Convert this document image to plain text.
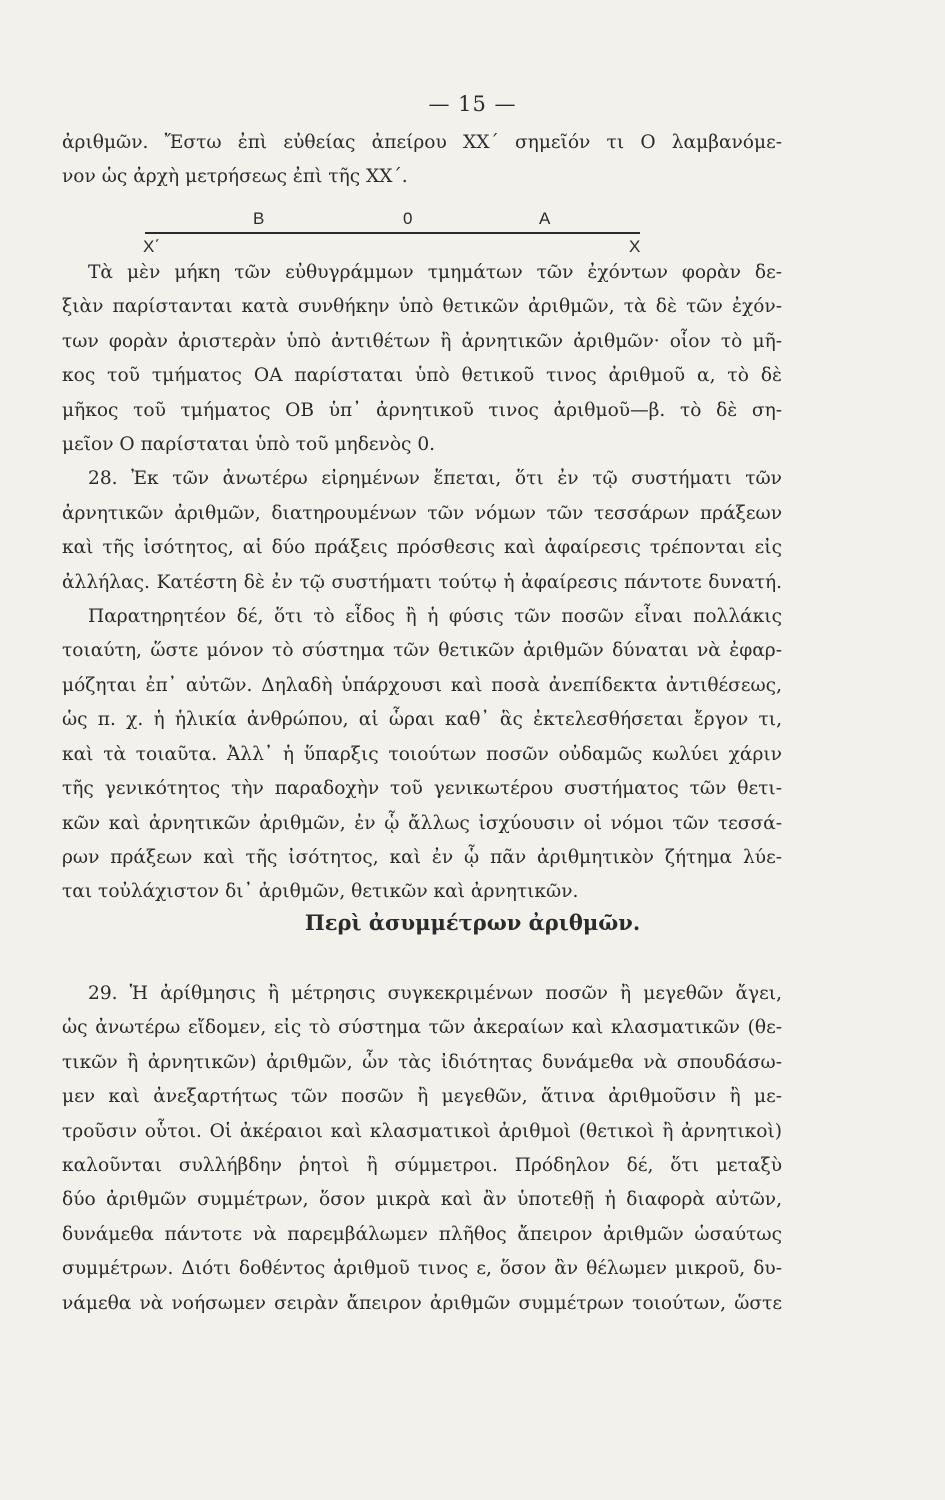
— 15 —
ἀριθμῶν. Ἔστω ἐπὶ εὐθείας ἀπείρου XX΄ σημεῖόν τι Ο λαμβανόμε-
νον ὡς ἀρχὴ μετρήσεως ἐπὶ τῆς XX΄.
B	0	A
X΄	X
Τὰ μὲν μήκη τῶν εὐθυγράμμων τμημάτων τῶν ἐχόντων φορὰν δε-
ξιὰν παρίστανται κατὰ συνθήκην ὑπὸ θετικῶν ἀριθμῶν, τὰ δὲ τῶν ἐχόν-
των φορὰν ἀριστερὰν ὑπὸ ἀντιθέτων ἢ ἀρνητικῶν ἀριθμῶν· οἷον τὸ μῆ-
κος τοῦ τμήματος ΟΑ παρίσταται ὑπὸ θετικοῦ τινος ἀριθμοῦ α, τὸ δὲ
μῆκος τοῦ τμήματος ΟΒ ὑπ᾽ ἀρνητικοῦ τινος ἀριθμοῦ—β. τὸ δὲ ση-
μεῖον Ο παρίσταται ὑπὸ τοῦ μηδενὸς 0.
28. Ἐκ τῶν ἀνωτέρω εἰρημένων ἕπεται, ὅτι ἐν τῷ συστήματι τῶν
ἀρνητικῶν ἀριθμῶν, διατηρουμένων τῶν νόμων τῶν τεσσάρων πράξεων
καὶ τῆς ἰσότητος, αἱ δύο πράξεις πρόσθεσις καὶ ἀφαίρεσις τρέπονται εἰς
ἀλλήλας. Κατέστη δὲ ἐν τῷ συστήματι τούτῳ ἡ ἀφαίρεσις πάντοτε δυνατή.
Παρατηρητέον δέ, ὅτι τὸ εἶδος ἢ ἡ φύσις τῶν ποσῶν εἶναι πολλάκις
τοιαύτη, ὥστε μόνον τὸ σύστημα τῶν θετικῶν ἀριθμῶν δύναται νὰ ἐφαρ-
μόζηται ἐπ᾽ αὐτῶν. Δηλαδὴ ὑπάρχουσι καὶ ποσὰ ἀνεπίδεκτα ἀντιθέσεως,
ὡς π. χ. ἡ ἡλικία ἀνθρώπου, αἱ ὧραι καθ᾽ ἃς ἐκτελεσθήσεται ἔργον τι,
καὶ τὰ τοιαῦτα. Ἀλλ᾽ ἡ ὕπαρξις τοιούτων ποσῶν οὐδαμῶς κωλύει χάριν
τῆς γενικότητος τὴν παραδοχὴν τοῦ γενικωτέρου συστήματος τῶν θετι-
κῶν καὶ ἀρνητικῶν ἀριθμῶν, ἐν ᾧ ἄλλως ἰσχύουσιν οἱ νόμοι τῶν τεσσά-
ρων πράξεων καὶ τῆς ἰσότητος, καὶ ἐν ᾧ πᾶν ἀριθμητικὸν ζήτημα λύε-
ται τοὐλάχιστον δι᾽ ἀριθμῶν, θετικῶν καὶ ἀρνητικῶν.
Περὶ ἀσυμμέτρων ἀριθμῶν.
29. Ἡ ἀρίθμησις ἢ μέτρησις συγκεκριμένων ποσῶν ἢ μεγεθῶν ἄγει,
ὡς ἀνωτέρω εἴδομεν, εἰς τὸ σύστημα τῶν ἀκεραίων καὶ κλασματικῶν (θε-
τικῶν ἢ ἀρνητικῶν) ἀριθμῶν, ὧν τὰς ἰδιότητας δυνάμεθα νὰ σπουδάσω-
μεν καὶ ἀνεξαρτήτως τῶν ποσῶν ἢ μεγεθῶν, ἅτινα ἀριθμοῦσιν ἢ με-
τροῦσιν οὗτοι. Οἱ ἀκέραιοι καὶ κλασματικοὶ ἀριθμοὶ (θετικοὶ ἢ ἀρνητικοὶ)
καλοῦνται συλλήβδην ῥητοὶ ἢ σύμμετροι. Πρόδηλον δέ, ὅτι μεταξὺ
δύο ἀριθμῶν συμμέτρων, ὅσον μικρὰ καὶ ἂν ὑποτεθῇ ἡ διαφορὰ αὐτῶν,
δυνάμεθα πάντοτε νὰ παρεμβάλωμεν πλῆθος ἄπειρον ἀριθμῶν ὡσαύτως
συμμέτρων. Διότι δοθέντος ἀριθμοῦ τινος ε, ὅσον ἂν θέλωμεν μικροῦ, δυ-
νάμεθα νὰ νοήσωμεν σειρὰν ἄπειρον ἀριθμῶν συμμέτρων τοιούτων, ὥστε
